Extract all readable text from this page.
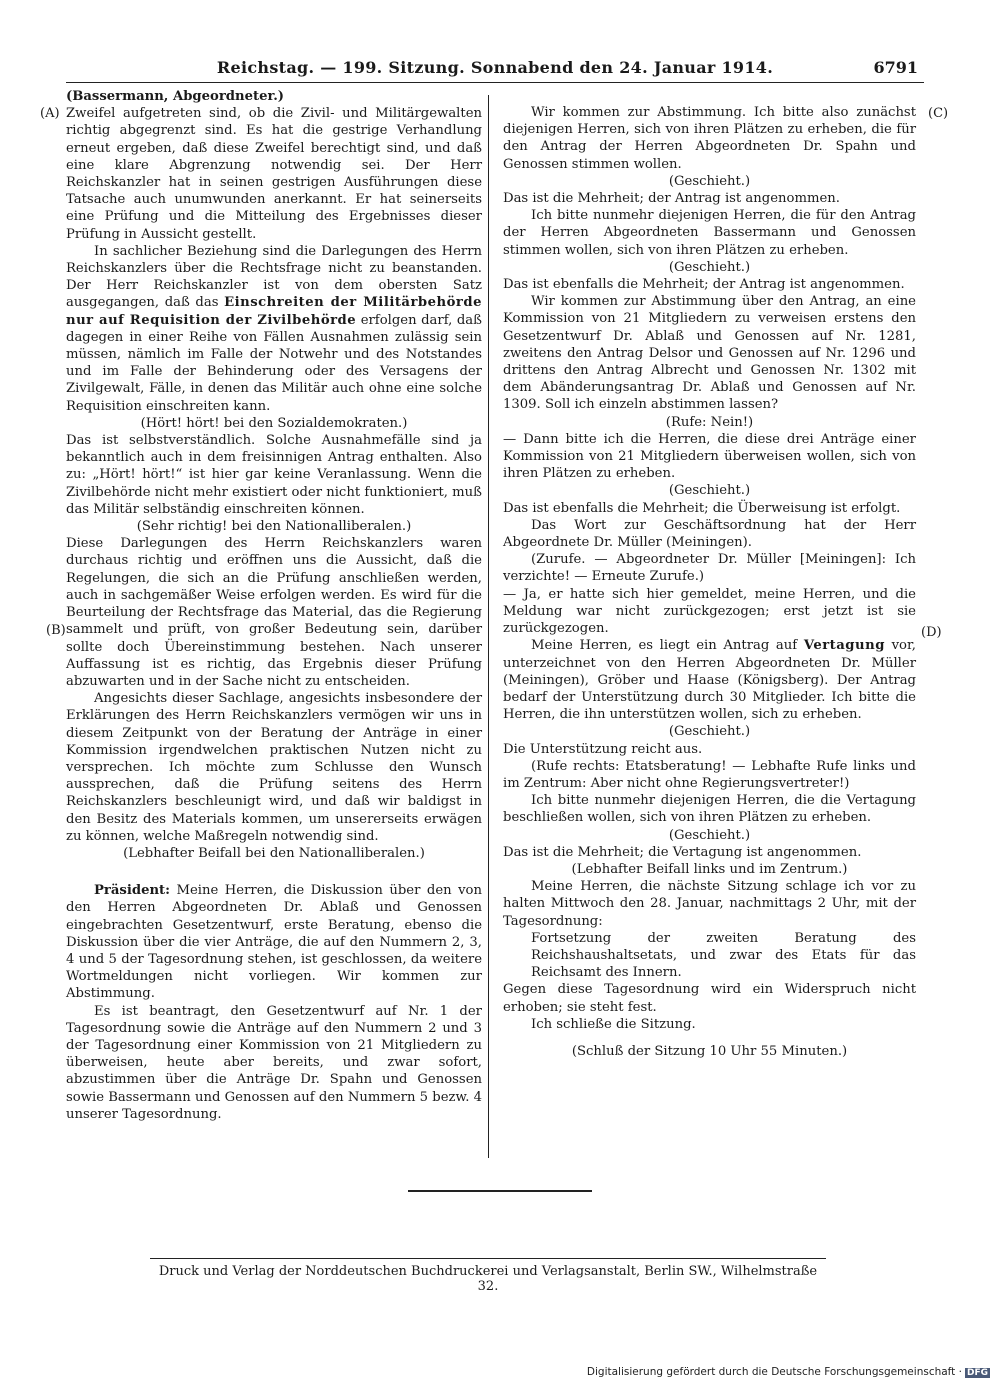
Reichstag. — 199. Sitzung. Sonnabend den 24. Januar 1914.	6791
(A)
(B)
(C)
(D)

(Bassermann, Abgeordneter.)

Zweifel aufgetreten sind, ob die Zivil- und Militärgewalten richtig abgegrenzt sind. Es hat die gestrige Verhandlung erneut ergeben, daß diese Zweifel berechtigt sind, und daß eine klare Abgrenzung notwendig sei. Der Herr Reichskanzler hat in seinen gestrigen Ausführungen diese Tatsache auch unumwunden anerkannt. Er hat seinerseits eine Prüfung und die Mitteilung des Ergebnisses dieser Prüfung in Aussicht gestellt.

In sachlicher Beziehung sind die Darlegungen des Herrn Reichskanzlers über die Rechtsfrage nicht zu beanstanden. Der Herr Reichskanzler ist von dem obersten Satz ausgegangen, daß das Einschreiten der Militärbehörde nur auf Requisition der Zivilbehörde erfolgen darf, daß dagegen in einer Reihe von Fällen Ausnahmen zulässig sein müssen, nämlich im Falle der Notwehr und des Notstandes und im Falle der Behinderung oder des Versagens der Zivilgewalt, Fälle, in denen das Militär auch ohne eine solche Requisition einschreiten kann.

(Hört! hört! bei den Sozialdemokraten.)

Das ist selbstverständlich. Solche Ausnahmefälle sind ja bekanntlich auch in dem freisinnigen Antrag enthalten. Also zu: „Hört! hört!“ ist hier gar keine Veranlassung. Wenn die Zivilbehörde nicht mehr existiert oder nicht funktioniert, muß das Militär selbständig einschreiten können.

(Sehr richtig! bei den Nationalliberalen.)

Diese Darlegungen des Herrn Reichskanzlers waren durchaus richtig und eröffnen uns die Aussicht, daß die Regelungen, die sich an die Prüfung anschließen werden, auch in sachgemäßer Weise erfolgen werden. Es wird für die Beurteilung der Rechtsfrage das Material, das die Regierung sammelt und prüft, von großer Bedeutung sein, darüber sollte doch Übereinstimmung bestehen. Nach unserer Auffassung ist es richtig, das Ergebnis dieser Prüfung abzuwarten und in der Sache nicht zu entscheiden.

Angesichts dieser Sachlage, angesichts insbesondere der Erklärungen des Herrn Reichskanzlers vermögen wir uns in diesem Zeitpunkt von der Beratung der Anträge in einer Kommission irgendwelchen praktischen Nutzen nicht zu versprechen. Ich möchte zum Schlusse den Wunsch aussprechen, daß die Prüfung seitens des Herrn Reichskanzlers beschleunigt wird, und daß wir baldigst in den Besitz des Materials kommen, um unsererseits erwägen zu können, welche Maßregeln notwendig sind.

(Lebhafter Beifall bei den Nationalliberalen.)

Präsident: Meine Herren, die Diskussion über den von den Herren Abgeordneten Dr. Ablaß und Genossen eingebrachten Gesetzentwurf, erste Beratung, ebenso die Diskussion über die vier Anträge, die auf den Nummern 2, 3, 4 und 5 der Tagesordnung stehen, ist geschlossen, da weitere Wortmeldungen nicht vorliegen. Wir kommen zur Abstimmung.

Es ist beantragt, den Gesetzentwurf auf Nr. 1 der Tagesordnung sowie die Anträge auf den Nummern 2 und 3 der Tagesordnung einer Kommission von 21 Mitgliedern zu überweisen, heute aber bereits, und zwar sofort, abzustimmen über die Anträge Dr. Spahn und Genossen sowie Bassermann und Genossen auf den Nummern 5 bezw. 4 unserer Tagesordnung.

Wir kommen zur Abstimmung. Ich bitte also zunächst diejenigen Herren, sich von ihren Plätzen zu erheben, die für den Antrag der Herren Abgeordneten Dr. Spahn und Genossen stimmen wollen.

(Geschieht.)

Das ist die Mehrheit; der Antrag ist angenommen.

Ich bitte nunmehr diejenigen Herren, die für den Antrag der Herren Abgeordneten Bassermann und Genossen stimmen wollen, sich von ihren Plätzen zu erheben.

(Geschieht.)

Das ist ebenfalls die Mehrheit; der Antrag ist angenommen.

Wir kommen zur Abstimmung über den Antrag, an eine Kommission von 21 Mitgliedern zu verweisen erstens den Gesetzentwurf Dr. Ablaß und Genossen auf Nr. 1281, zweitens den Antrag Delsor und Genossen auf Nr. 1296 und drittens den Antrag Albrecht und Genossen Nr. 1302 mit dem Abänderungsantrag Dr. Ablaß und Genossen auf Nr. 1309. Soll ich einzeln abstimmen lassen?

(Rufe: Nein!)

— Dann bitte ich die Herren, die diese drei Anträge einer Kommission von 21 Mitgliedern überweisen wollen, sich von ihren Plätzen zu erheben.

(Geschieht.)

Das ist ebenfalls die Mehrheit; die Überweisung ist erfolgt.

Das Wort zur Geschäftsordnung hat der Herr Abgeordnete Dr. Müller (Meiningen).

(Zurufe. — Abgeordneter Dr. Müller [Meiningen]: Ich verzichte! — Erneute Zurufe.)

— Ja, er hatte sich hier gemeldet, meine Herren, und die Meldung war nicht zurückgezogen; erst jetzt ist sie zurückgezogen.

Meine Herren, es liegt ein Antrag auf Vertagung vor, unterzeichnet von den Herren Abgeordneten Dr. Müller (Meiningen), Gröber und Haase (Königsberg). Der Antrag bedarf der Unterstützung durch 30 Mitglieder. Ich bitte die Herren, die ihn unterstützen wollen, sich zu erheben.

(Geschieht.)

Die Unterstützung reicht aus.

(Rufe rechts: Etatsberatung! — Lebhafte Rufe links und im Zentrum: Aber nicht ohne Regierungsvertreter!)

Ich bitte nunmehr diejenigen Herren, die die Vertagung beschließen wollen, sich von ihren Plätzen zu erheben.

(Geschieht.)

Das ist die Mehrheit; die Vertagung ist angenommen.

(Lebhafter Beifall links und im Zentrum.)

Meine Herren, die nächste Sitzung schlage ich vor zu halten Mittwoch den 28. Januar, nachmittags 2 Uhr, mit der Tagesordnung:

Fortsetzung der zweiten Beratung des Reichshaushaltsetats, und zwar des Etats für das Reichsamt des Innern.

Gegen diese Tagesordnung wird ein Widerspruch nicht erhoben; sie steht fest.

Ich schließe die Sitzung.

(Schluß der Sitzung 10 Uhr 55 Minuten.)

Druck und Verlag der Norddeutschen Buchdruckerei und Verlagsanstalt, Berlin SW., Wilhelmstraße 32.
Digitalisierung gefördert durch die Deutsche Forschungsgemeinschaft · DFG
